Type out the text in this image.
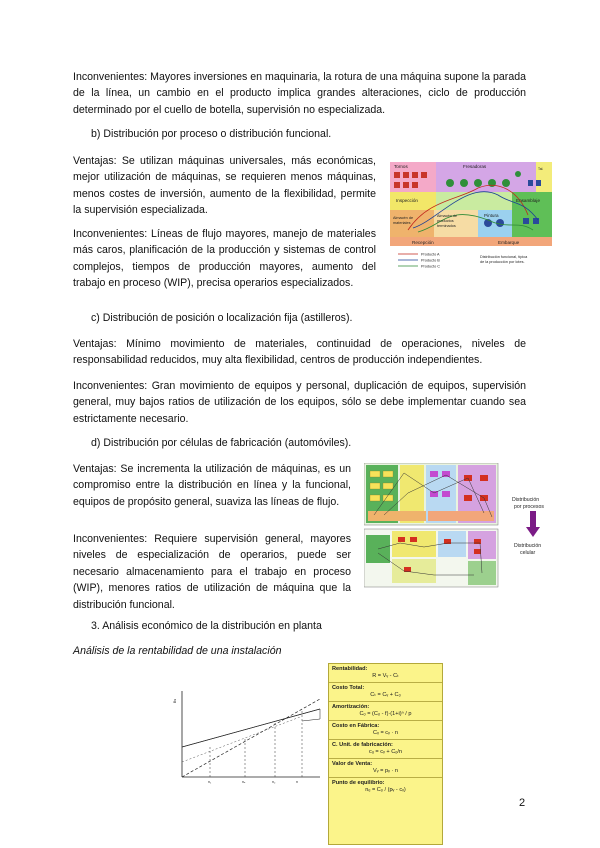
Inconvenientes: Mayores inversiones en maquinaria, la rotura de una máquina supone la parada de la línea, un cambio en el producto implica grandes alteraciones, ciclo de producción determinado por el cuello de botella, supervisión no especializada.

b) Distribución por proceso o distribución funcional.

Ventajas: Se utilizan máquinas universales, más económicas, mejor utilización de máquinas, se requieren menos máquinas, menos costes de inversión, aumento de la flexibilidad, permite la supervisión especializada.

Inconvenientes: Líneas de flujo mayores, manejo de materiales más caros, planificación de la producción y sistemas de control complejos, tiempos de producción mayores, aumento del trabajo en proceso (WIP), precisa operarios especializados.

c) Distribución de posición o localización fija (astilleros).

Ventajas: Mínimo movimiento de materiales, continuidad de operaciones, niveles de responsabilidad reducidos, muy alta flexibilidad, centros de producción independientes.

Inconvenientes: Gran movimiento de equipos y personal, duplicación de equipos, supervisión general, muy bajos ratios de utilización de los equipos, sólo se debe implementar cuando sea estrictamente necesario.

d) Distribución por células de fabricación (automóviles).

Ventajas: Se incrementa la utilización de máquinas, es un compromiso entre la distribución en línea y la funcional, equipos de propósito general, suaviza las líneas de flujo.

Inconvenientes: Requiere supervisión general, mayores niveles de especialización de operarios, puede ser necesario almacenamiento para el trabajo en proceso (WIP), menores ratios de utilización de máquina que la distribución funcional.

3. Análisis económico de la distribución en planta

Análisis de la rentabilidad de una instalación

Tornos	Fresadoras	Tal.
Inspección	Ensamblaje
Almacén de
materiales
Almacén de
productos
terminados
Pintura
Recepción	Embarque
Producto A
Producto B
Producto C
Distribución funcional, típica
de la producción por lotes.
Distribución
por procesos
Distribución
celular
Bs
n₁	nₑ	n₂	n
Rentabilidad:
R = Vᵥ - Cₜ
Costo Total:
Cₜ = Cᵥ + Cₒ
Amortización:
Cₒ = (Cₒ - f)·(1+i)ⁿ / p
Costo en Fábrica:
Cᵥ = cᵥ · n
C. Unit. de fabricación:
cᵤ = cᵥ + Cₒ/n
Valor de Venta:
Vᵥ = pᵥ · n
Punto de equilibrio:
nₑ = Cₒ / (pᵥ - cᵥ)
2
